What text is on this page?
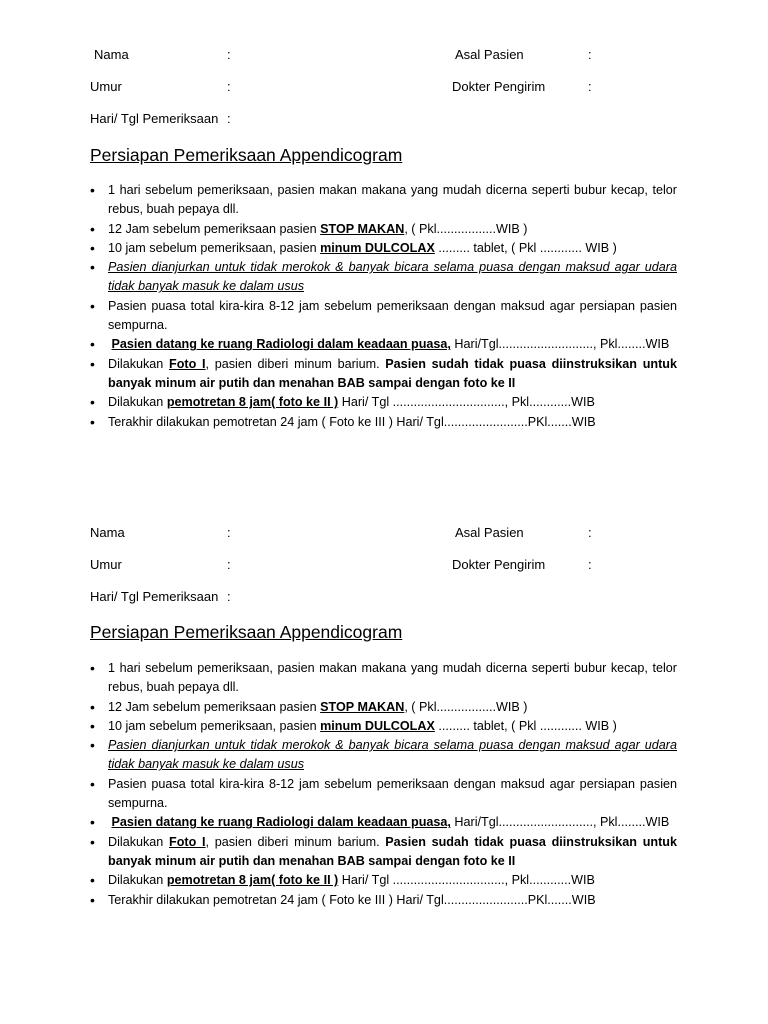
Nama	:	Asal Pasien	:
Umur	:	Dokter Pengirim	:
Hari/ Tgl Pemeriksaan :
Persiapan Pemeriksaan Appendicogram
• 1 hari sebelum pemeriksaan, pasien makan makana yang mudah dicerna seperti bubur kecap, telor rebus, buah pepaya dll.
• 12 Jam sebelum pemeriksaan pasien STOP MAKAN, ( Pkl.................WIB )
• 10 jam sebelum pemeriksaan, pasien minum DULCOLAX ......... tablet, ( Pkl ............ WIB )
• Pasien dianjurkan untuk tidak merokok & banyak bicara selama puasa dengan maksud agar udara tidak banyak masuk ke dalam usus
• Pasien puasa total kira-kira 8-12 jam sebelum pemeriksaan dengan maksud agar persiapan pasien sempurna.
• Pasien datang ke ruang Radiologi dalam keadaan puasa, Hari/Tgl..........................., Pkl........WIB
• Dilakukan Foto I, pasien diberi minum barium. Pasien sudah tidak puasa diinstruksikan untuk banyak minum air putih dan menahan BAB sampai dengan foto ke II
• Dilakukan pemotretan 8 jam( foto ke II ) Hari/ Tgl ................................, Pkl............WIB
• Terakhir dilakukan pemotretan 24 jam ( Foto ke III ) Hari/ Tgl........................PKl.......WIB
Nama	:	Asal Pasien	:
Umur	:	Dokter Pengirim	:
Hari/ Tgl Pemeriksaan :
Persiapan Pemeriksaan Appendicogram
• 1 hari sebelum pemeriksaan, pasien makan makana yang mudah dicerna seperti bubur kecap, telor rebus, buah pepaya dll.
• 12 Jam sebelum pemeriksaan pasien STOP MAKAN, ( Pkl.................WIB )
• 10 jam sebelum pemeriksaan, pasien minum DULCOLAX ......... tablet, ( Pkl ............ WIB )
• Pasien dianjurkan untuk tidak merokok & banyak bicara selama puasa dengan maksud agar udara tidak banyak masuk ke dalam usus
• Pasien puasa total kira-kira 8-12 jam sebelum pemeriksaan dengan maksud agar persiapan pasien sempurna.
• Pasien datang ke ruang Radiologi dalam keadaan puasa, Hari/Tgl..........................., Pkl........WIB
• Dilakukan Foto I, pasien diberi minum barium. Pasien sudah tidak puasa diinstruksikan untuk banyak minum air putih dan menahan BAB sampai dengan foto ke II
• Dilakukan pemotretan 8 jam( foto ke II ) Hari/ Tgl ................................, Pkl............WIB
• Terakhir dilakukan pemotretan 24 jam ( Foto ke III ) Hari/ Tgl........................PKl.......WIB
